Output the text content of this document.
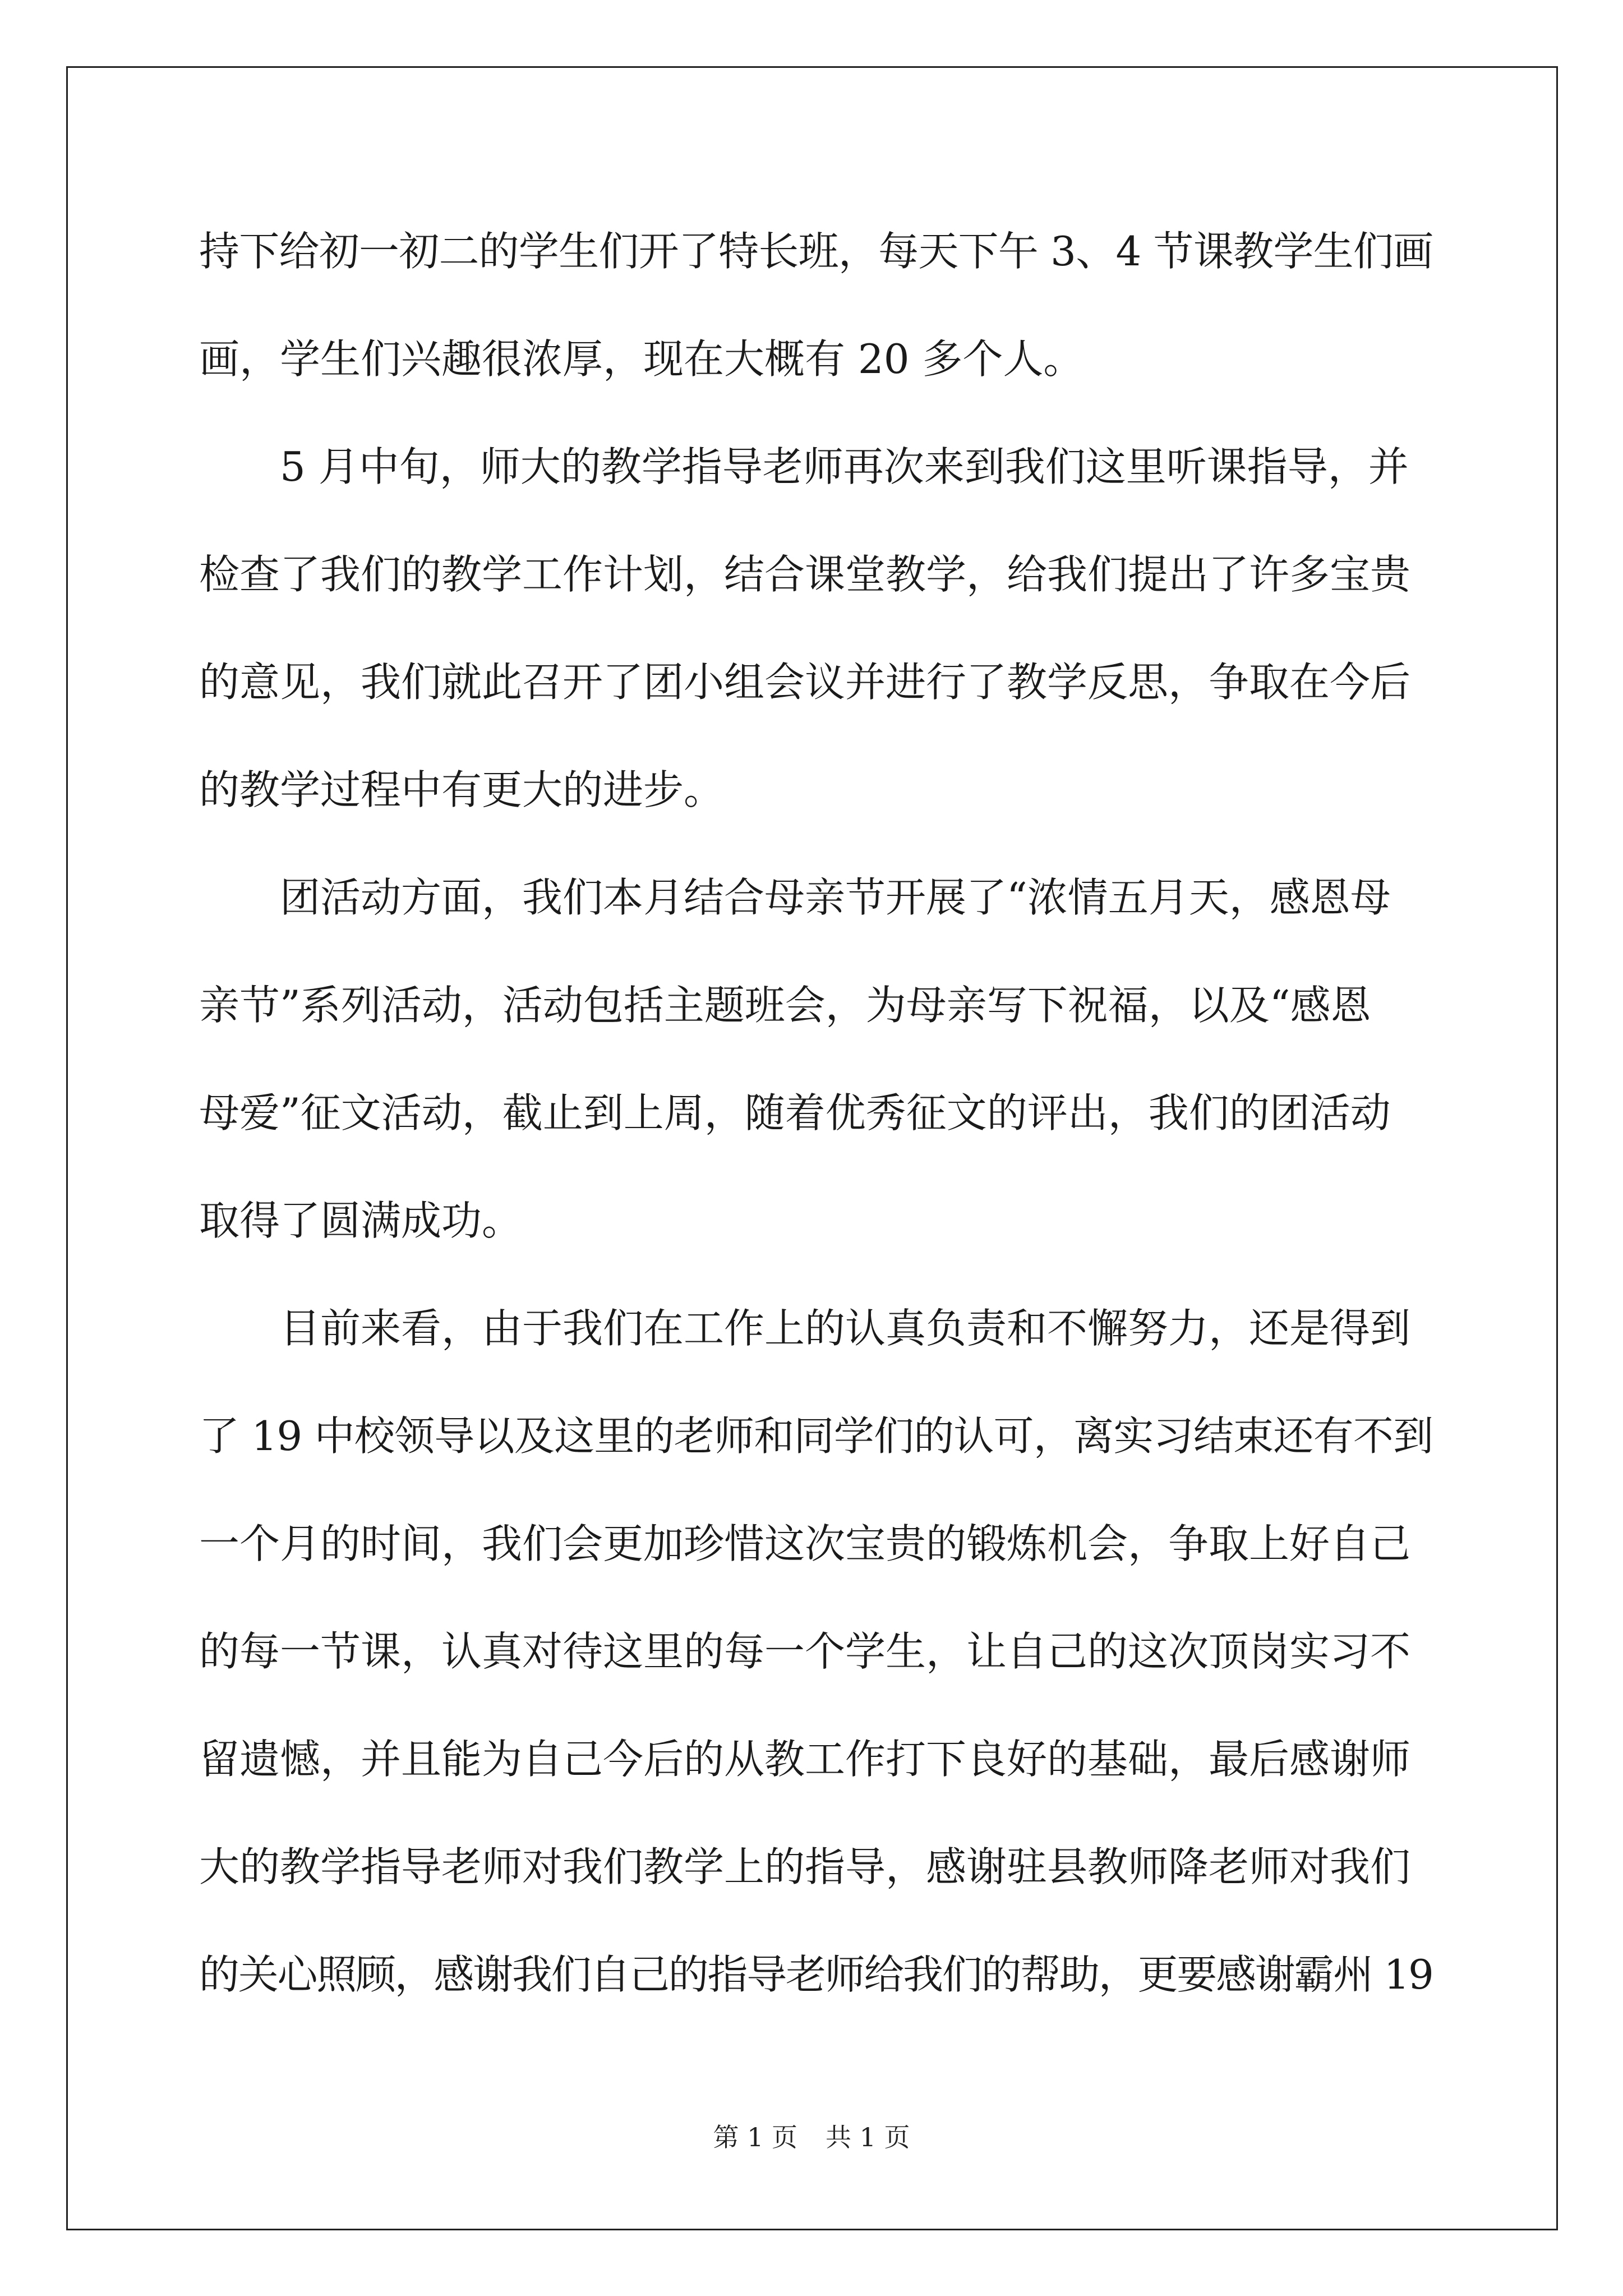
持下给初一初二的学生们开了特长班，每天下午 3、4 节课教学生们画
画，学生们兴趣很浓厚，现在大概有 20 多个人。
5 月中旬，师大的教学指导老师再次来到我们这里听课指导，并
检查了我们的教学工作计划，结合课堂教学，给我们提出了许多宝贵
的意见，我们就此召开了团小组会议并进行了教学反思，争取在今后
的教学过程中有更大的进步。
团活动方面，我们本月结合母亲节开展了“浓情五月天，感恩母
亲节”系列活动，活动包括主题班会，为母亲写下祝福，以及“感恩
母爱”征文活动，截止到上周，随着优秀征文的评出，我们的团活动
取得了圆满成功。
目前来看，由于我们在工作上的认真负责和不懈努力，还是得到
了 19 中校领导以及这里的老师和同学们的认可，离实习结束还有不到
一个月的时间，我们会更加珍惜这次宝贵的锻炼机会，争取上好自己
的每一节课，认真对待这里的每一个学生，让自己的这次顶岗实习不
留遗憾，并且能为自己今后的从教工作打下良好的基础，最后感谢师
大的教学指导老师对我们教学上的指导，感谢驻县教师降老师对我们
的关心照顾，感谢我们自己的指导老师给我们的帮助，更要感谢霸州 19
第 1 页 共 1 页
